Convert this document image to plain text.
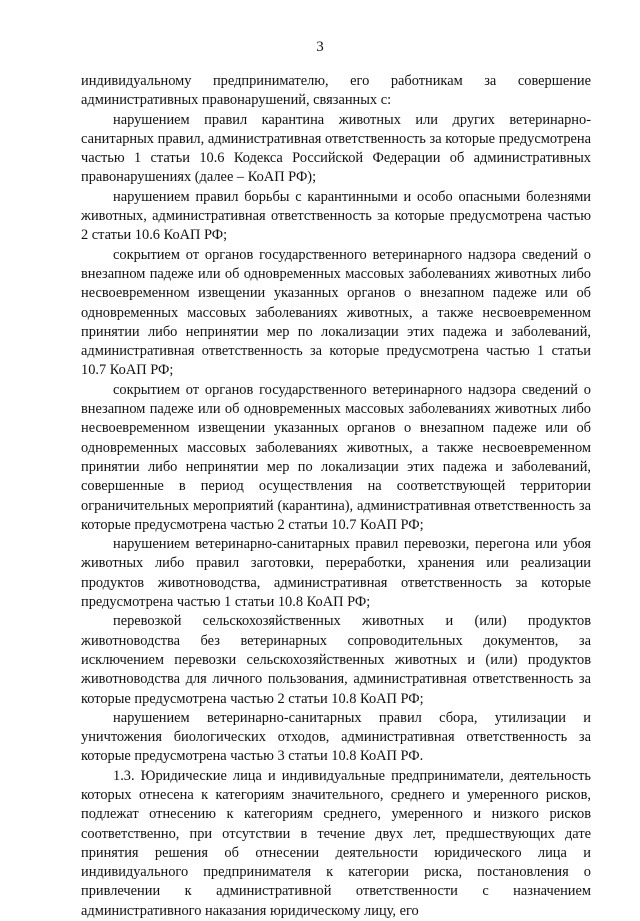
3

индивидуальному предпринимателю, его работникам за совершение административных правонарушений, связанных с:

нарушением правил карантина животных или других ветеринарно-санитарных правил, административная ответственность за которые предусмотрена частью 1 статьи 10.6 Кодекса Российской Федерации об административных правонарушениях (далее – КоАП РФ);

нарушением правил борьбы с карантинными и особо опасными болезнями животных, административная ответственность за которые предусмотрена частью 2 статьи 10.6 КоАП РФ;

сокрытием от органов государственного ветеринарного надзора сведений о внезапном падеже или об одновременных массовых заболеваниях животных либо несвоевременном извещении указанных органов о внезапном падеже или об одновременных массовых заболеваниях животных, а также несвоевременном принятии либо непринятии мер по локализации этих падежа и заболеваний, административная ответственность за которые предусмотрена частью 1 статьи 10.7 КоАП РФ;

сокрытием от органов государственного ветеринарного надзора сведений о внезапном падеже или об одновременных массовых заболеваниях животных либо несвоевременном извещении указанных органов о внезапном падеже или об одновременных массовых заболеваниях животных, а также несвоевременном принятии либо непринятии мер по локализации этих падежа и заболеваний, совершенные в период осуществления на соответствующей территории ограничительных мероприятий (карантина), административная ответственность за которые предусмотрена частью 2 статьи 10.7 КоАП РФ;

нарушением ветеринарно-санитарных правил перевозки, перегона или убоя животных либо правил заготовки, переработки, хранения или реализации продуктов животноводства, административная ответственность за которые предусмотрена частью 1 статьи 10.8 КоАП РФ;

перевозкой сельскохозяйственных животных и (или) продуктов животноводства без ветеринарных сопроводительных документов, за исключением перевозки сельскохозяйственных животных и (или) продуктов животноводства для личного пользования, административная ответственность за которые предусмотрена частью 2 статьи 10.8 КоАП РФ;

нарушением ветеринарно-санитарных правил сбора, утилизации и уничтожения биологических отходов, административная ответственность за которые предусмотрена частью 3 статьи 10.8 КоАП РФ.

1.3. Юридические лица и индивидуальные предприниматели, деятельность которых отнесена к категориям значительного, среднего и умеренного рисков, подлежат отнесению к категориям среднего, умеренного и низкого рисков соответственно, при отсутствии в течение двух лет, предшествующих дате принятия решения об отнесении деятельности юридического лица и индивидуального предпринимателя к категории риска, постановления о привлечении к административной ответственности с назначением административного наказания юридическому лицу, его
